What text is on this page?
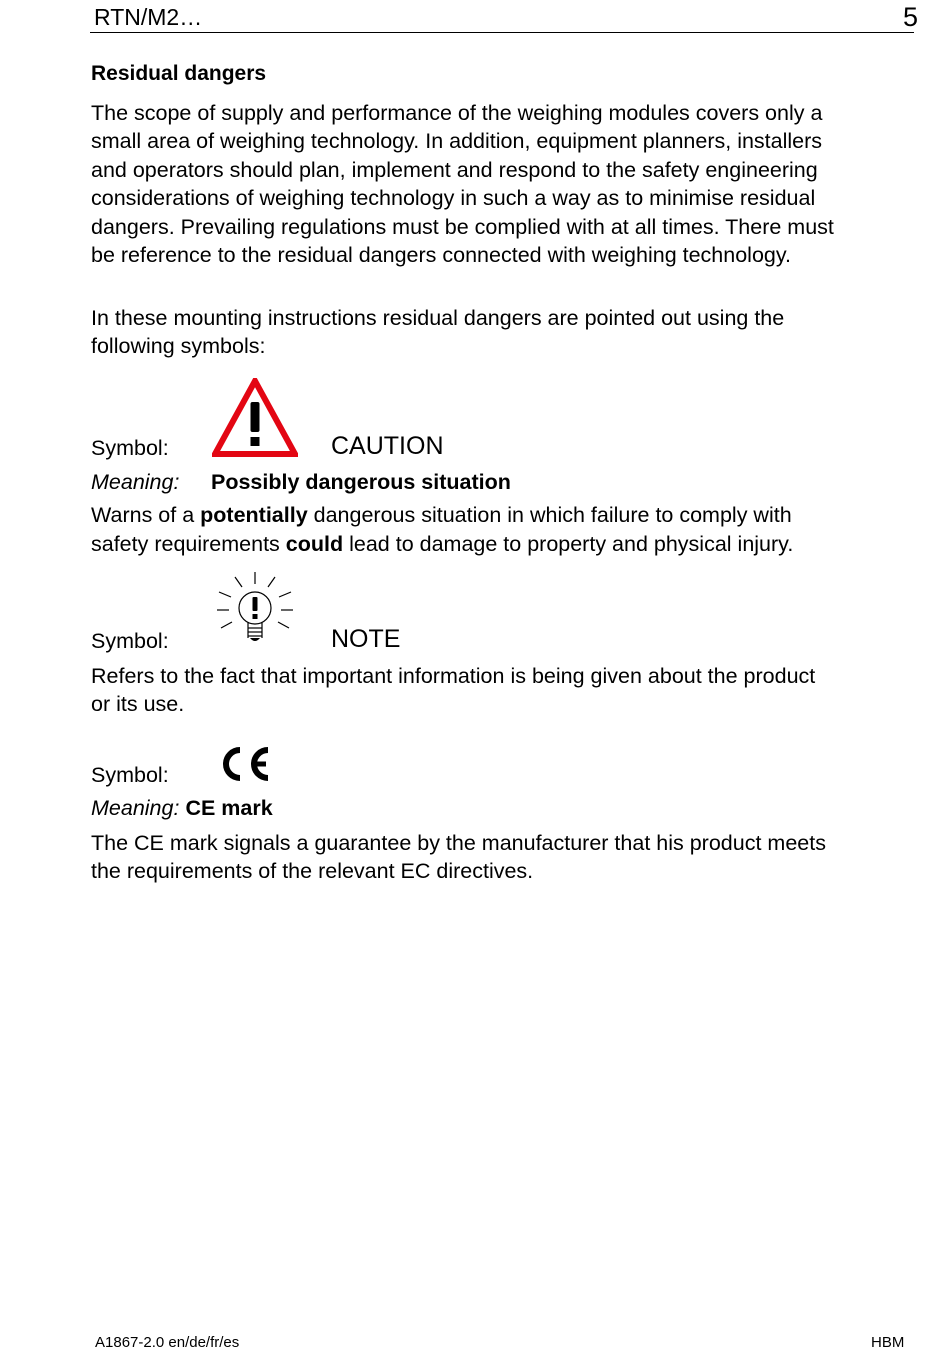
RTN/M2…	5
Residual dangers
The scope of supply and performance of the weighing modules covers only a
small area of weighing technology. In addition, equipment planners, installers
and operators should plan, implement and respond to the safety engineering
considerations of weighing technology in such a way as to minimise residual
dangers. Prevailing regulations must be complied with at all times. There must
be reference to the residual dangers connected with weighing technology.
In these mounting instructions residual dangers are pointed out using the
following symbols:
Symbol:	CAUTION
Meaning: Possibly dangerous situation
Warns of a potentially dangerous situation in which failure to comply with
safety requirements could lead to damage to property and physical injury.
Symbol:	NOTE
Refers to the fact that important information is being given about the product
or its use.
Symbol:
Meaning: CE mark
The CE mark signals a guarantee by the manufacturer that his product meets
the requirements of the relevant EC directives.
A1867-2.0 en/de/fr/es	HBM
